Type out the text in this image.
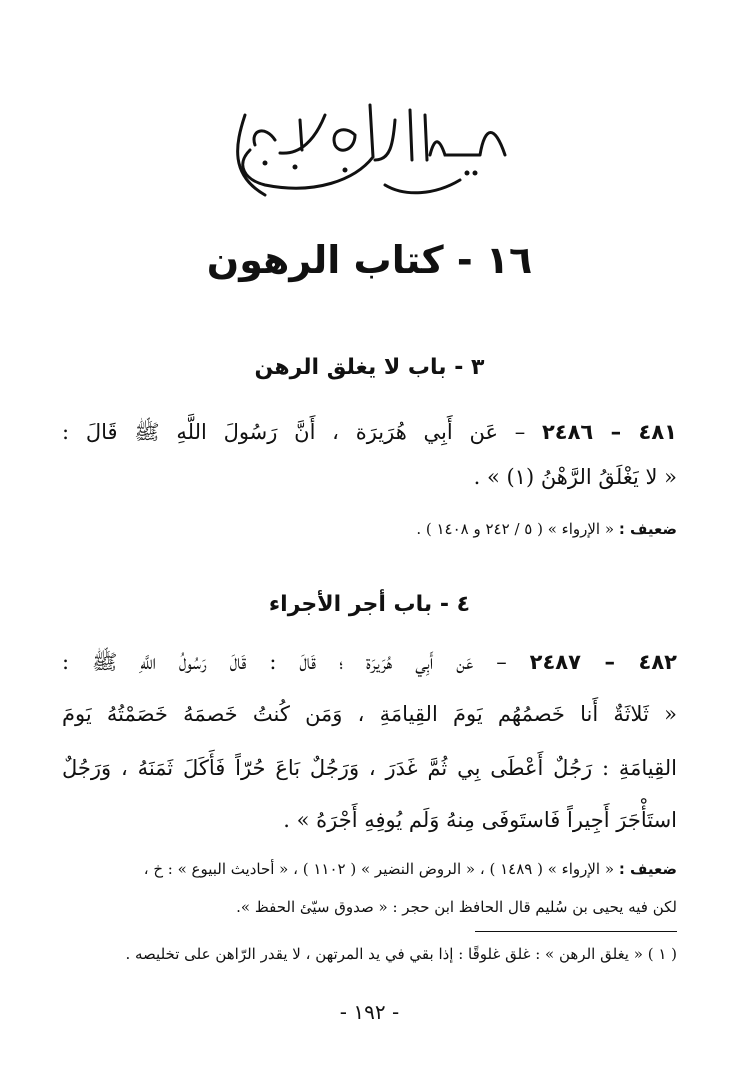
١٦ - كتاب الرهون
٣ - باب لا يغلق الرهن
٤٨١ – ٢٤٨٦ – عَن أَبِي هُرَيرَة ، أَنَّ رَسُولَ اللَّهِ ﷺ قَالَ :
« لا يَغْلَقُ الرَّهْنُ (١) » .
ضعيف : « الإرواء » ( ٥ / ٢٤٢ و ١٤٠٨ ) .
٤ - باب أجر الأجراء
٤٨٢ – ٢٤٨٧ – عَن أَبِي هُرَيرَة ؛ قَالَ : قَالَ رَسُولُ اللَّهِ ﷺ :
« ثَلاثَةٌ أَنا خَصمُهُم يَومَ القِيامَةِ ، وَمَن كُنتُ خَصمَهُ خَصَمْتُهُ يَومَ
القِيامَةِ : رَجُلٌ أَعْطَى بِي ثُمَّ غَدَرَ ، وَرَجُلٌ بَاعَ حُرّاً فَأَكَلَ ثَمَنَهُ ، وَرَجُلٌ
استَأْجَرَ أَجِيراً فَاستَوفَى مِنهُ وَلَم يُوفِهِ أَجْرَهُ » .
ضعيف : « الإرواء » ( ١٤٨٩ ) ، « الروض النضير » ( ١١٠٢ ) ، « أحاديث البيوع » : خ ،
لكن فيه يحيى بن سُليم قال الحافظ ابن حجر : « صدوق سيّئ الحفظ ».
( ١ ) « يغلق الرهن » : غلق غلوقًا : إذا بقي في يد المرتهن ، لا يقدر الرّاهن على تخليصه .
- ١٩٢ -
